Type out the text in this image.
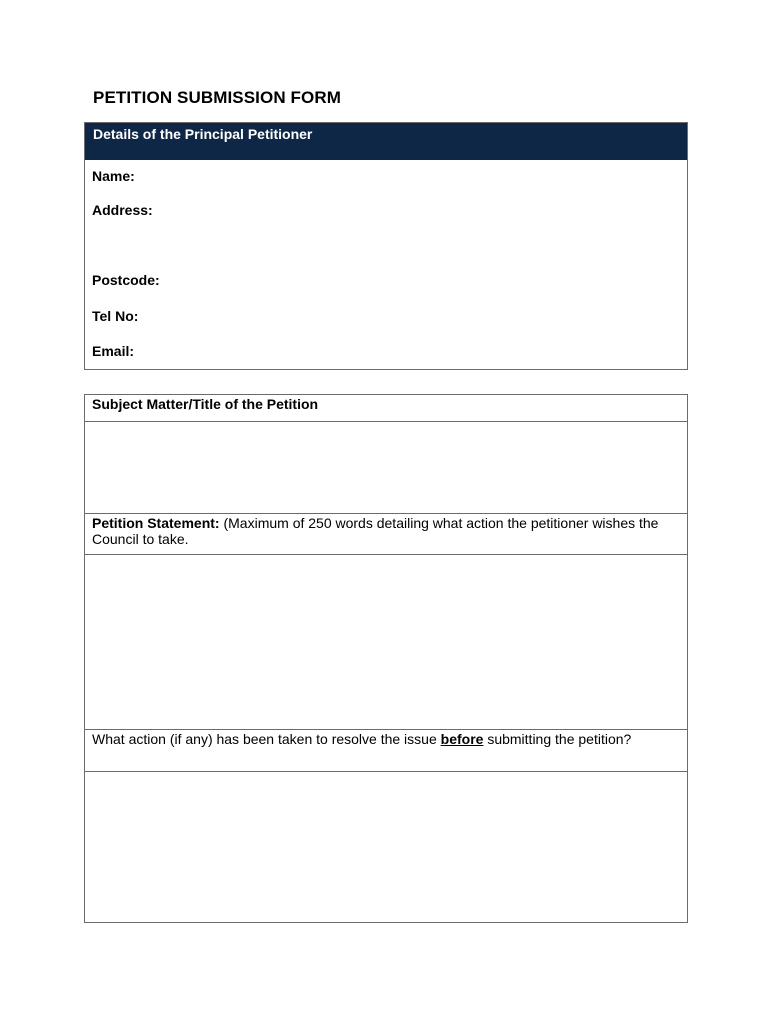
PETITION SUBMISSION FORM
Details of the Principal Petitioner
Name:
Address:
Postcode:
Tel No:
Email:
Subject Matter/Title of the Petition
Petition Statement: (Maximum of 250 words detailing what action the petitioner wishes the Council to take.
What action (if any) has been taken to resolve the issue before submitting the petition?
